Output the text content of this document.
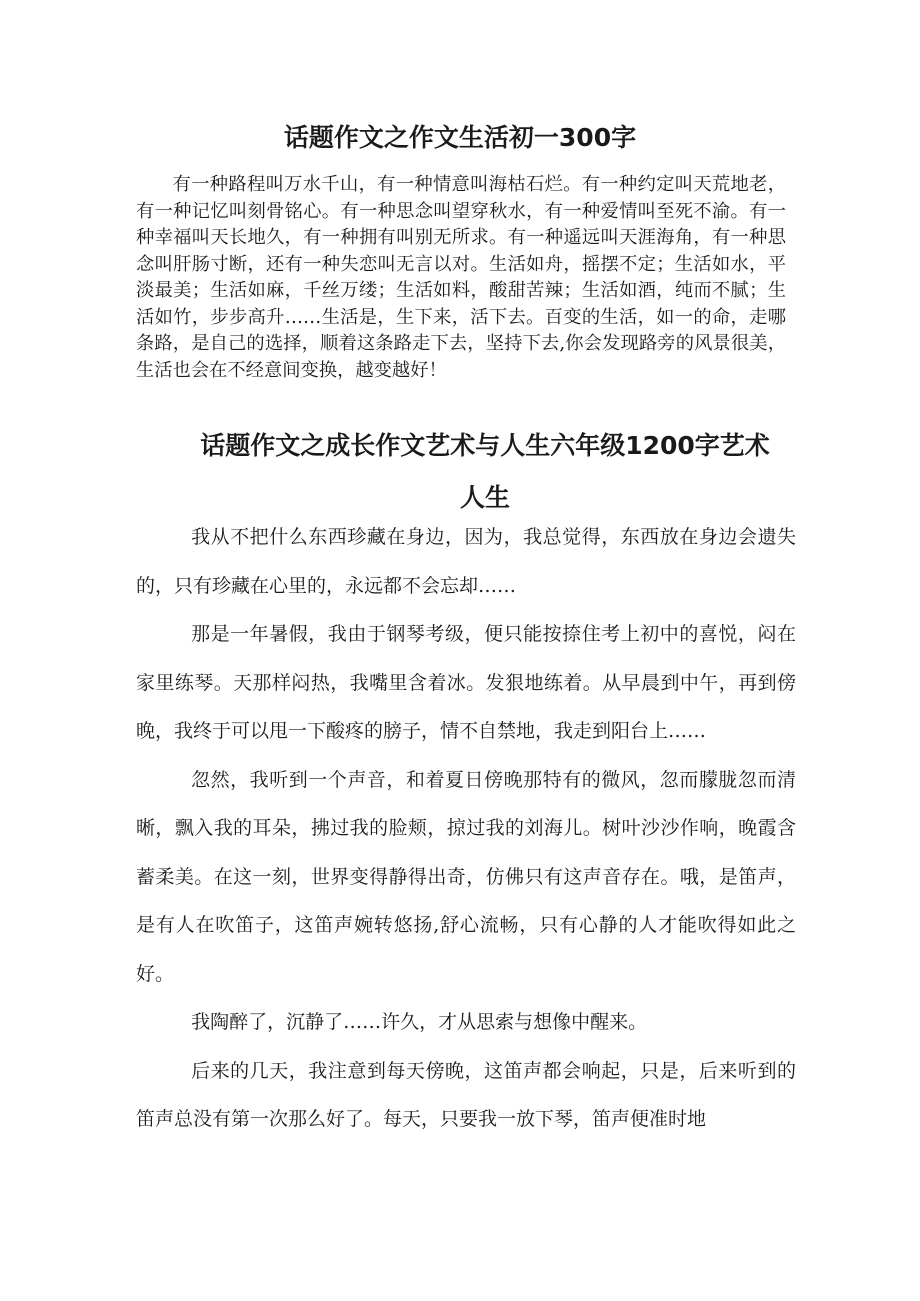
话题作文之作文生活初一300字

有一种路程叫万水千山，有一种情意叫海枯石烂。有一种约定叫天荒地老，有一种记忆叫刻骨铭心。有一种思念叫望穿秋水，有一种爱情叫至死不渝。有一种幸福叫天长地久，有一种拥有叫别无所求。有一种遥远叫天涯海角，有一种思念叫肝肠寸断，还有一种失恋叫无言以对。生活如舟，摇摆不定；生活如水，平淡最美；生活如麻，千丝万缕；生活如料，酸甜苦辣；生活如酒，纯而不腻；生活如竹，步步高升……生活是，生下来，活下去。百变的生活，如一的命，走哪条路，是自己的选择，顺着这条路走下去，坚持下去,你会发现路旁的风景很美，生活也会在不经意间变换，越变越好！

话题作文之成长作文艺术与人生六年级1200字艺术人生

我从不把什么东西珍藏在身边，因为，我总觉得，东西放在身边会遗失的，只有珍藏在心里的，永远都不会忘却……

那是一年暑假，我由于钢琴考级，便只能按捺住考上初中的喜悦，闷在家里练琴。天那样闷热，我嘴里含着冰。发狠地练着。从早晨到中午，再到傍晚，我终于可以甩一下酸疼的膀子，情不自禁地，我走到阳台上……

忽然，我听到一个声音，和着夏日傍晚那特有的微风，忽而朦胧忽而清晰，飘入我的耳朵，拂过我的脸颊，掠过我的刘海儿。树叶沙沙作响，晚霞含蓄柔美。在这一刻，世界变得静得出奇，仿佛只有这声音存在。哦，是笛声，是有人在吹笛子，这笛声婉转悠扬,舒心流畅，只有心静的人才能吹得如此之好。

我陶醉了，沉静了……许久，才从思索与想像中醒来。

后来的几天，我注意到每天傍晚，这笛声都会响起，只是，后来听到的笛声总没有第一次那么好了。每天，只要我一放下琴，笛声便准时地
